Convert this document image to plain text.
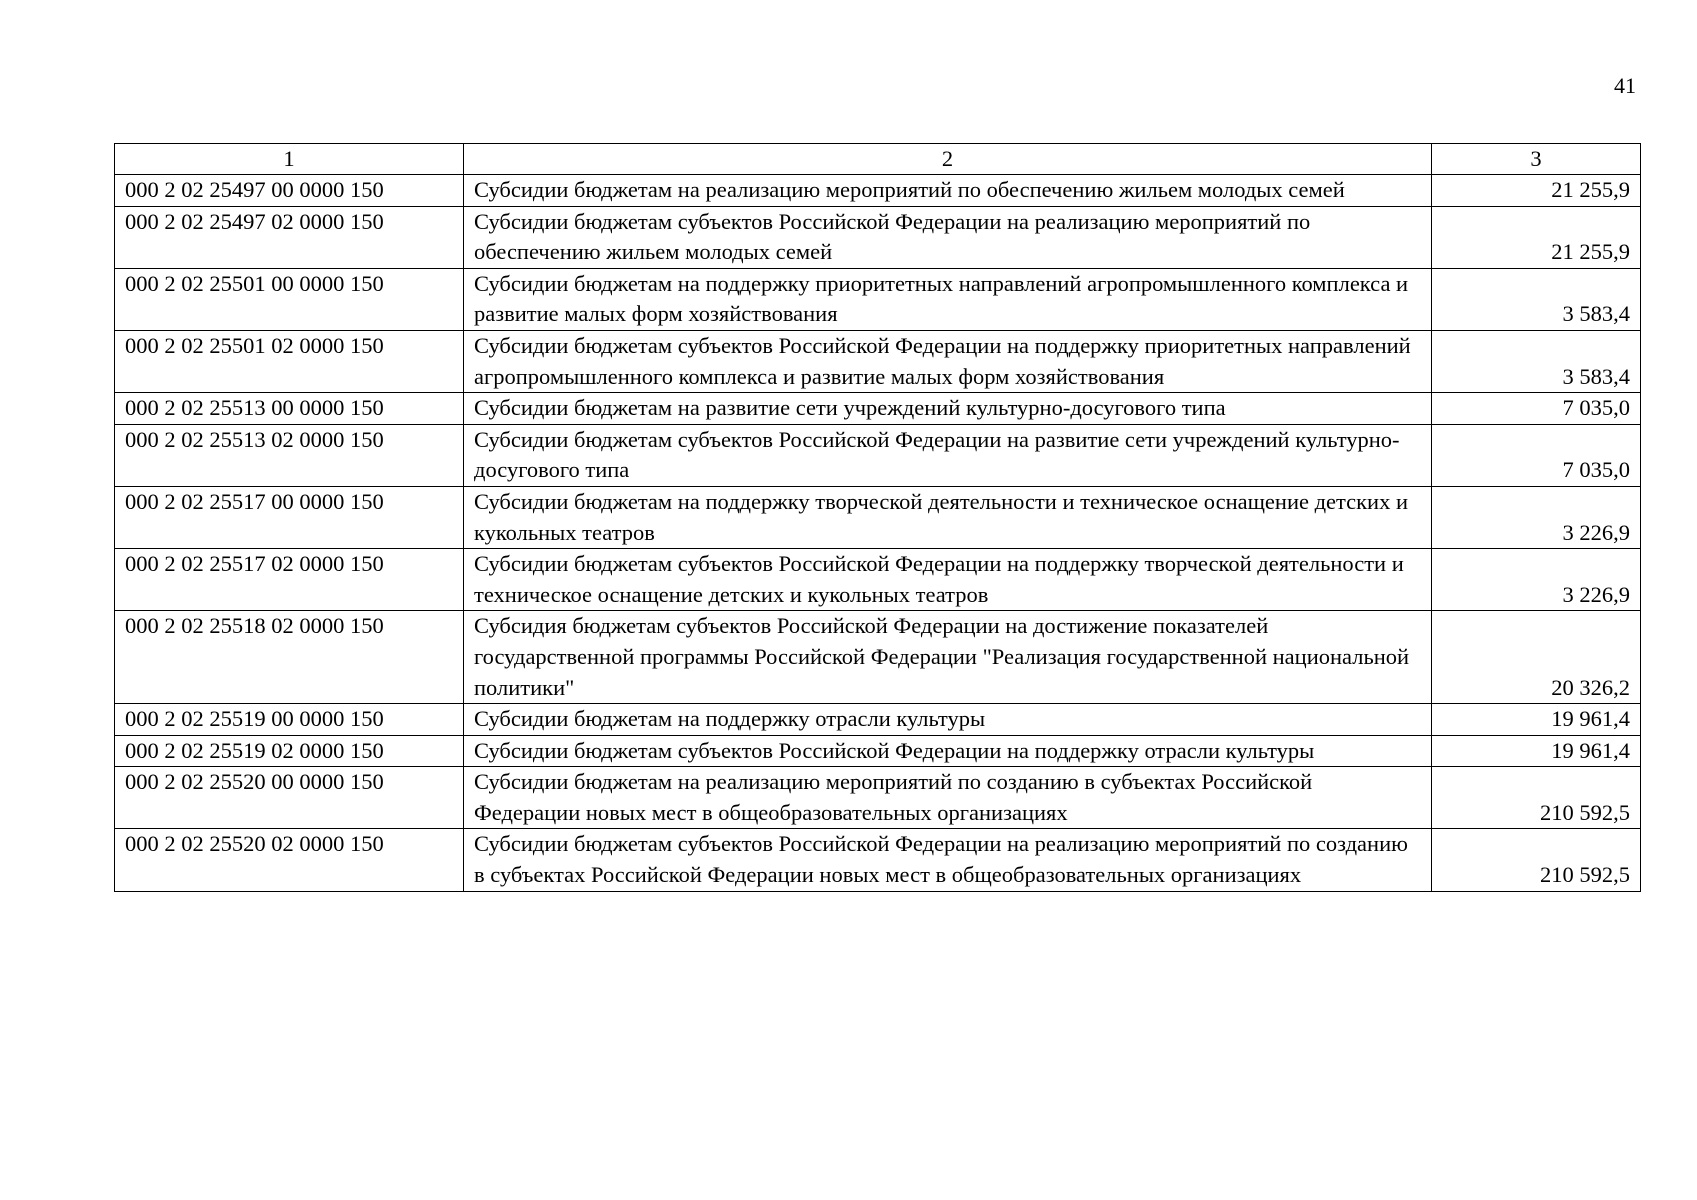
41
1	2	3
000 2 02 25497 00 0000 150	Субсидии бюджетам на реализацию мероприятий по обеспечению жильем молодых семей	21 255,9
000 2 02 25497 02 0000 150	Субсидии бюджетам субъектов Российской Федерации на реализацию мероприятий по обеспечению жильем молодых семей	21 255,9
000 2 02 25501 00 0000 150	Субсидии бюджетам на поддержку приоритетных направлений агропромышленного комплекса и развитие малых форм хозяйствования	3 583,4
000 2 02 25501 02 0000 150	Субсидии бюджетам субъектов Российской Федерации на поддержку приоритетных направлений агропромышленного комплекса и развитие малых форм хозяйствования	3 583,4
000 2 02 25513 00 0000 150	Субсидии бюджетам на развитие сети учреждений культурно-досугового типа	7 035,0
000 2 02 25513 02 0000 150	Субсидии бюджетам субъектов Российской Федерации на развитие сети учреждений культурно-досугового типа	7 035,0
000 2 02 25517 00 0000 150	Субсидии бюджетам на поддержку творческой деятельности и техническое оснащение детских и кукольных театров	3 226,9
000 2 02 25517 02 0000 150	Субсидии бюджетам субъектов Российской Федерации на поддержку творческой деятельности и техническое оснащение детских и кукольных театров	3 226,9
000 2 02 25518 02 0000 150	Субсидия бюджетам субъектов Российской Федерации на достижение показателей государственной программы Российской Федерации "Реализация государственной национальной политики"	20 326,2
000 2 02 25519 00 0000 150	Субсидии бюджетам на поддержку отрасли культуры	19 961,4
000 2 02 25519 02 0000 150	Субсидии бюджетам субъектов Российской Федерации на поддержку отрасли культуры	19 961,4
000 2 02 25520 00 0000 150	Субсидии бюджетам на реализацию мероприятий по созданию в субъектах Российской Федерации новых мест в общеобразовательных организациях	210 592,5
000 2 02 25520 02 0000 150	Субсидии бюджетам субъектов Российской Федерации на реализацию мероприятий по созданию в субъектах Российской Федерации новых мест в общеобразовательных организациях	210 592,5
